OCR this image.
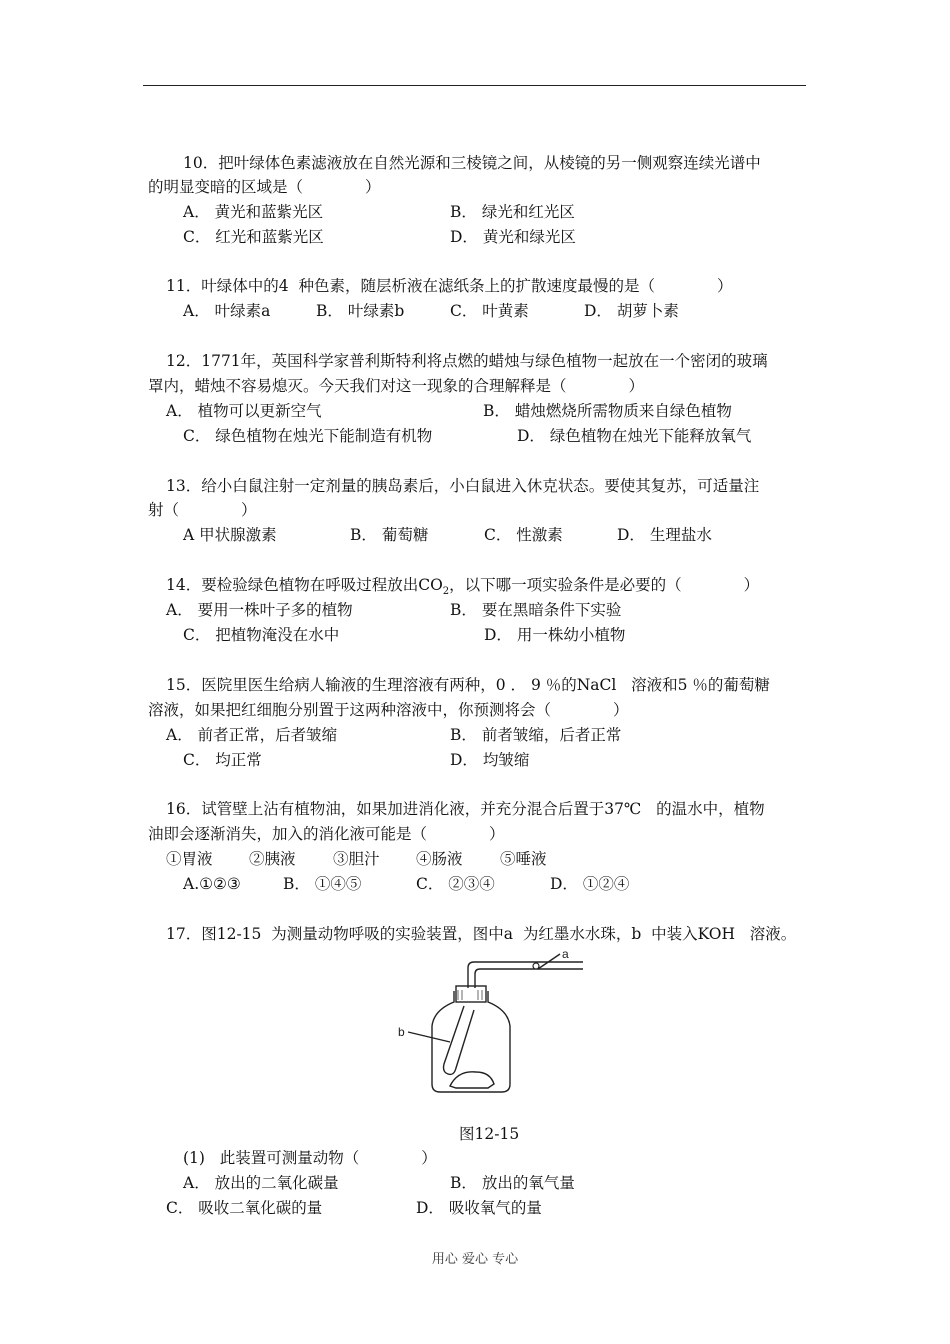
10．把叶绿体色素滤液放在自然光源和三棱镜之间，从棱镜的另一侧观察连续光谱中
的明显变暗的区域是（　　　　）
A． 黄光和蓝紫光区	B． 绿光和红光区
C． 红光和蓝紫光区	D． 黄光和绿光区
11．叶绿体中的4  种色素，随层析液在滤纸条上的扩散速度最慢的是（　　　　）
A． 叶绿素a	B． 叶绿素b	C． 叶黄素	D． 胡萝卜素
12．1771年，英国科学家普利斯特利将点燃的蜡烛与绿色植物一起放在一个密闭的玻璃
罩内，蜡烛不容易熄灭。今天我们对这一现象的合理解释是（　　　　）
A． 植物可以更新空气	B． 蜡烛燃烧所需物质来自绿色植物
C． 绿色植物在烛光下能制造有机物	D． 绿色植物在烛光下能释放氧气
13．给小白鼠注射一定剂量的胰岛素后，小白鼠进入休克状态。要使其复苏，可适量注
射（　　　　）
A 甲状腺激素	B． 葡萄糖	C． 性激素	D． 生理盐水
14．要检验绿色植物在呼吸过程放出$CO_2$，以下哪一项实验条件是必要的（　　　　）
A． 要用一株叶子多的植物	B． 要在黑暗条件下实验
C． 把植物淹没在水中	D． 用一株幼小植物
15．医院里医生给病人输液的生理溶液有两种，0 ． 9 ％的NaCl   溶液和5 ％的葡萄糖
溶液，如果把红细胞分别置于这两种溶液中，你预测将会（　　　　）
A． 前者正常，后者皱缩	B． 前者皱缩，后者正常
C． 均正常	D． 均皱缩
16．试管壁上沾有植物油，如果加进消化液，并充分混合后置于37℃   的温水中，植物
油即会逐渐消失，加入的消化液可能是（　　　　）
①胃液 ②胰液 ③胆汁 ④肠液 ⑤唾液
A.①②③	B． ①④⑤	C． ②③④	D． ①②④
17．图12-15  为测量动物呼吸的实验装置，图中a  为红墨水水珠，b  中装入KOH   溶液。
a
b
图12-15
(1)   此装置可测量动物（　　　　）
A． 放出的二氧化碳量	B． 放出的氧气量
C． 吸收二氧化碳的量	D． 吸收氧气的量
用心 爱心 专心
